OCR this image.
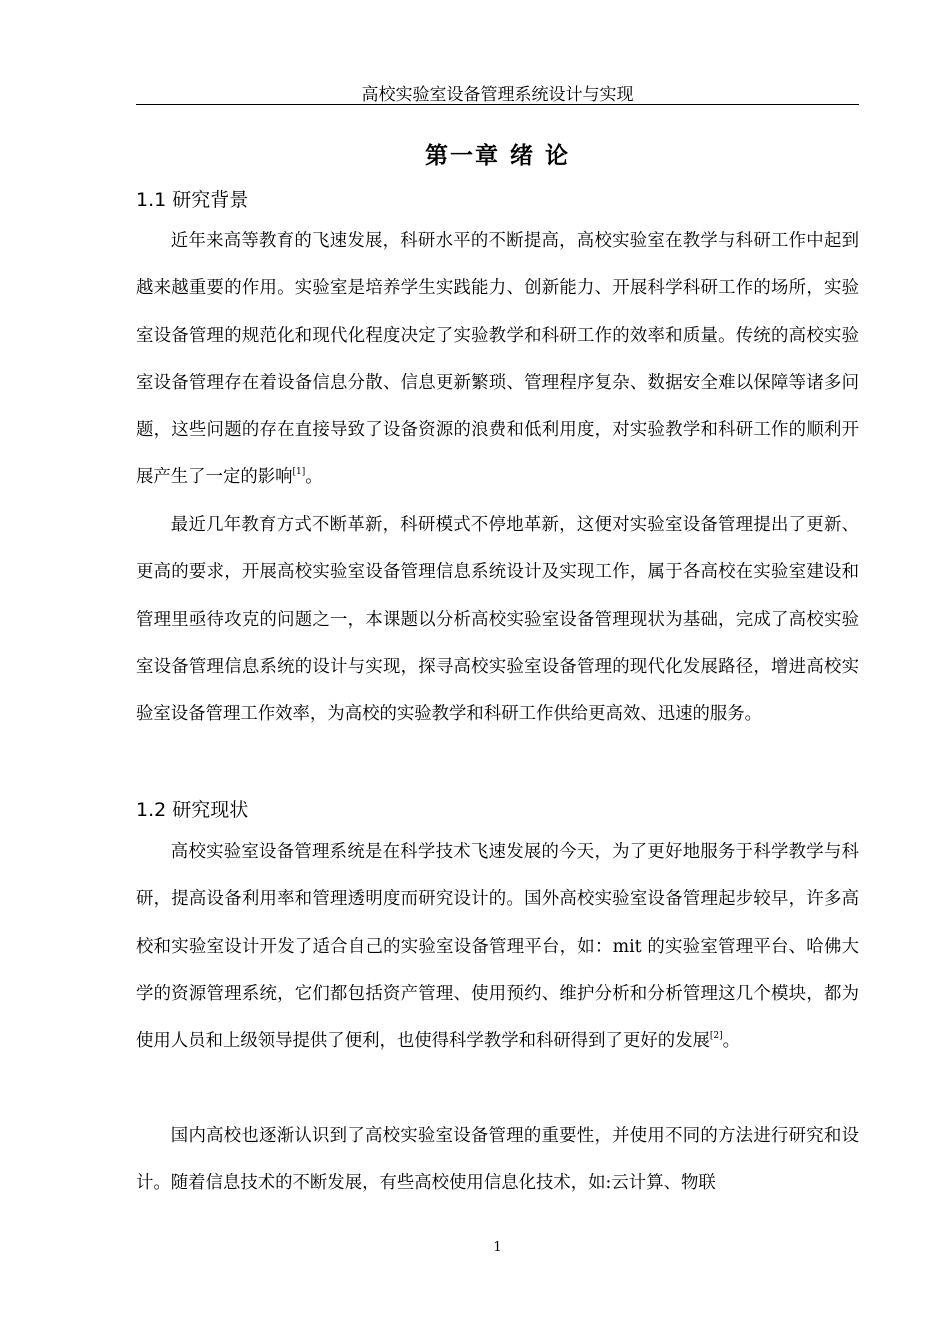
高校实验室设备管理系统设计与实现
第一章 绪 论
1.1 研究背景

近年来高等教育的飞速发展，科研水平的不断提高，高校实验室在教学与科研工作中起到越来越重要的作用。实验室是培养学生实践能力、创新能力、开展科学科研工作的场所，实验室设备管理的规范化和现代化程度决定了实验教学和科研工作的效率和质量。传统的高校实验室设备管理存在着设备信息分散、信息更新繁琐、管理程序复杂、数据安全难以保障等诸多问题，这些问题的存在直接导致了设备资源的浪费和低利用度，对实验教学和科研工作的顺利开展产生了一定的影响[1]。

最近几年教育方式不断革新，科研模式不停地革新，这便对实验室设备管理提出了更新、更高的要求，开展高校实验室设备管理信息系统设计及实现工作，属于各高校在实验室建设和管理里亟待攻克的问题之一，本课题以分析高校实验室设备管理现状为基础，完成了高校实验室设备管理信息系统的设计与实现，探寻高校实验室设备管理的现代化发展路径，增进高校实验室设备管理工作效率，为高校的实验教学和科研工作供给更高效、迅速的服务。

1.2 研究现状

高校实验室设备管理系统是在科学技术飞速发展的今天，为了更好地服务于科学教学与科研，提高设备利用率和管理透明度而研究设计的。国外高校实验室设备管理起步较早，许多高校和实验室设计开发了适合自己的实验室设备管理平台，如：mit 的实验室管理平台、哈佛大学的资源管理系统，它们都包括资产管理、使用预约、维护分析和分析管理这几个模块，都为使用人员和上级领导提供了便利，也使得科学教学和科研得到了更好的发展[2]。

国内高校也逐渐认识到了高校实验室设备管理的重要性，并使用不同的方法进行研究和设计。随着信息技术的不断发展，有些高校使用信息化技术，如:云计算、物联

1
